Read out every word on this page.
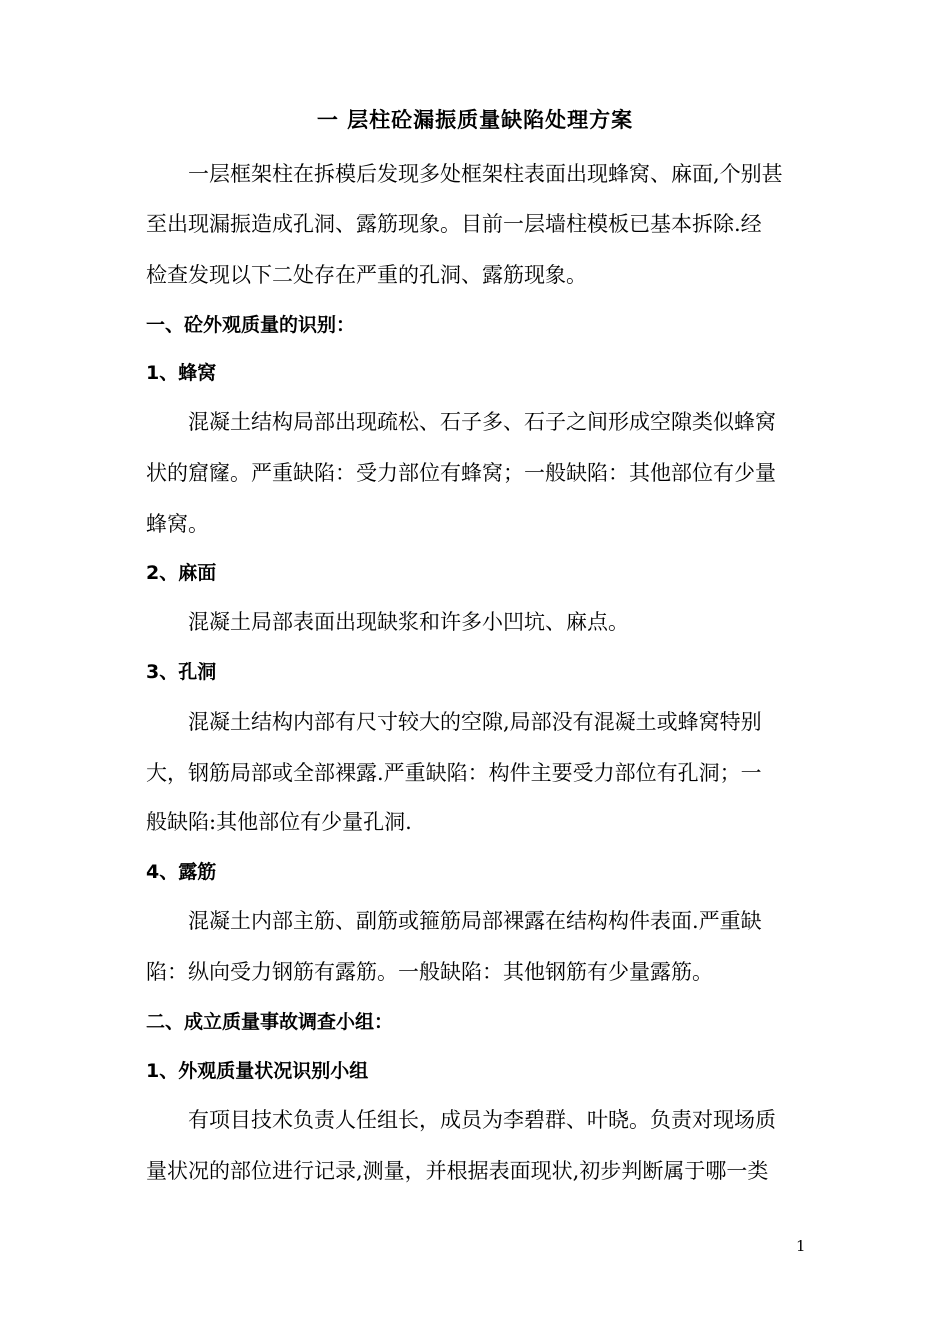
一 层柱砼漏振质量缺陷处理方案
一层框架柱在拆模后发现多处框架柱表面出现蜂窝、麻面,个别甚
至出现漏振造成孔洞、露筋现象。目前一层墙柱模板已基本拆除.经
检查发现以下二处存在严重的孔洞、露筋现象。
一、砼外观质量的识别：
1、蜂窝
混凝土结构局部出现疏松、石子多、石子之间形成空隙类似蜂窝
状的窟窿。严重缺陷：受力部位有蜂窝；一般缺陷：其他部位有少量
蜂窝。
2、麻面
混凝土局部表面出现缺浆和许多小凹坑、麻点。
3、孔洞
混凝土结构内部有尺寸较大的空隙,局部没有混凝土或蜂窝特别
大，钢筋局部或全部裸露.严重缺陷：构件主要受力部位有孔洞；一
般缺陷:其他部位有少量孔洞.
4、露筋
混凝土内部主筋、副筋或箍筋局部裸露在结构构件表面.严重缺
陷：纵向受力钢筋有露筋。一般缺陷：其他钢筋有少量露筋。
二、成立质量事故调查小组：
1、外观质量状况识别小组
有项目技术负责人任组长，成员为李碧群、叶晓。负责对现场质
量状况的部位进行记录,测量，并根据表面现状,初步判断属于哪一类
1
